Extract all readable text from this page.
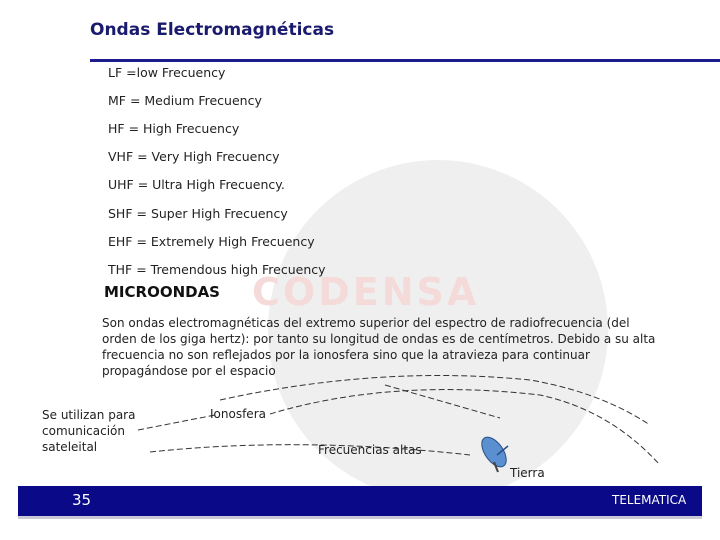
CODENSA
Ondas Electromagnéticas
LF =low Frecuency
MF = Medium Frecuency
HF = High Frecuency
VHF = Very High Frecuency
UHF = Ultra High Frecuency.
SHF = Super High Frecuency
EHF = Extremely High Frecuency
THF = Tremendous high Frecuency
MICROONDAS
Son ondas electromagnéticas del extremo superior del espectro de radiofrecuencia (del orden de los giga hertz): por tanto su longitud de ondas es de centímetros. Debido a su alta frecuencia no son reflejados por la ionosfera sino que la atravieza para continuar propagándose por el espacio
Se utilizan para comunicación sateleital
Ionosfera
Frecuencias altas
Tierra
35	TELEMATICA
